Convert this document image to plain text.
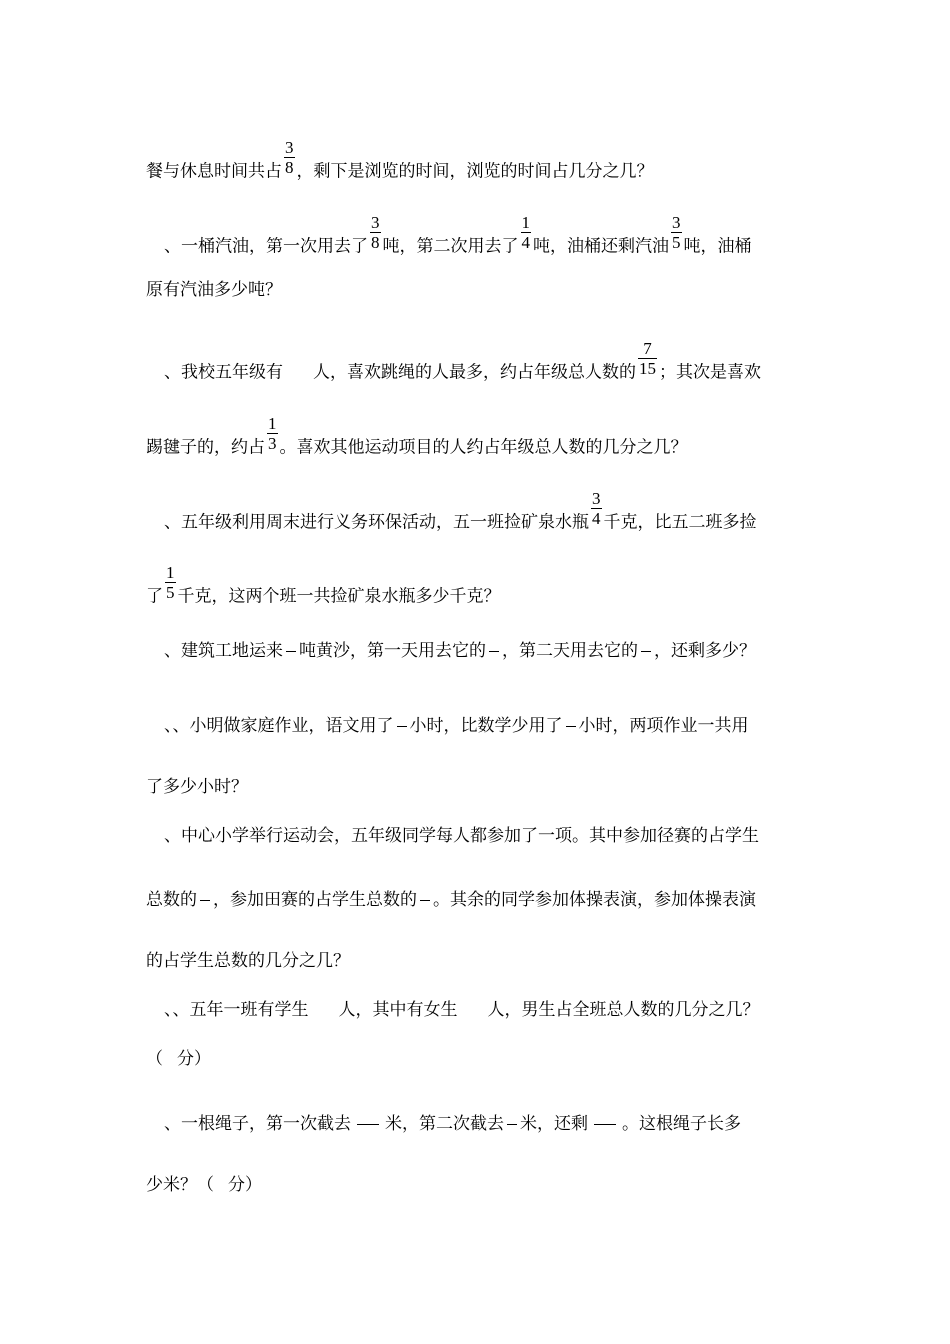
餐与休息时间共占 $\frac{3}{8}$ ，剩下是浏览的时间，浏览的时间占几分之几？
、一桶汽油，第一次用去了 $\frac{3}{8}$ 吨，第二次用去了 $\frac{1}{4}$ 吨，油桶还剩汽油 $\frac{3}{5}$ 吨，油桶
原有汽油多少吨？
、我校五年级有 人，喜欢跳绳的人最多，约占年级总人数的 $\frac{7}{15}$ ；其次是喜欢
踢毽子的，约占 $\frac{1}{3}$ 。喜欢其他运动项目的人约占年级总人数的几分之几？
、五年级利用周末进行义务环保活动，五一班捡矿泉水瓶 $\frac{3}{4}$ 千克，比五二班多捡
了 $\frac{1}{5}$ 千克，这两个班一共捡矿泉水瓶多少千克？
、建筑工地运来 吨黄沙，第一天用去它的 ，第二天用去它的 ，还剩多少？
、、小明做家庭作业，语文用了 小时，比数学少用了 小时，两项作业一共用
了多少小时？
、中心小学举行运动会，五年级同学每人都参加了一项。其中参加径赛的占学生
总数的 ，参加田赛的占学生总数的 。其余的同学参加体操表演，参加体操表演
的占学生总数的几分之几？
、、五年一班有学生 人，其中有女生 人，男生占全班总人数的几分之几？
（ 分）
、一根绳子，第一次截去 米，第二次截去 米，还剩 。这根绳子长多
少米？（ 分）
